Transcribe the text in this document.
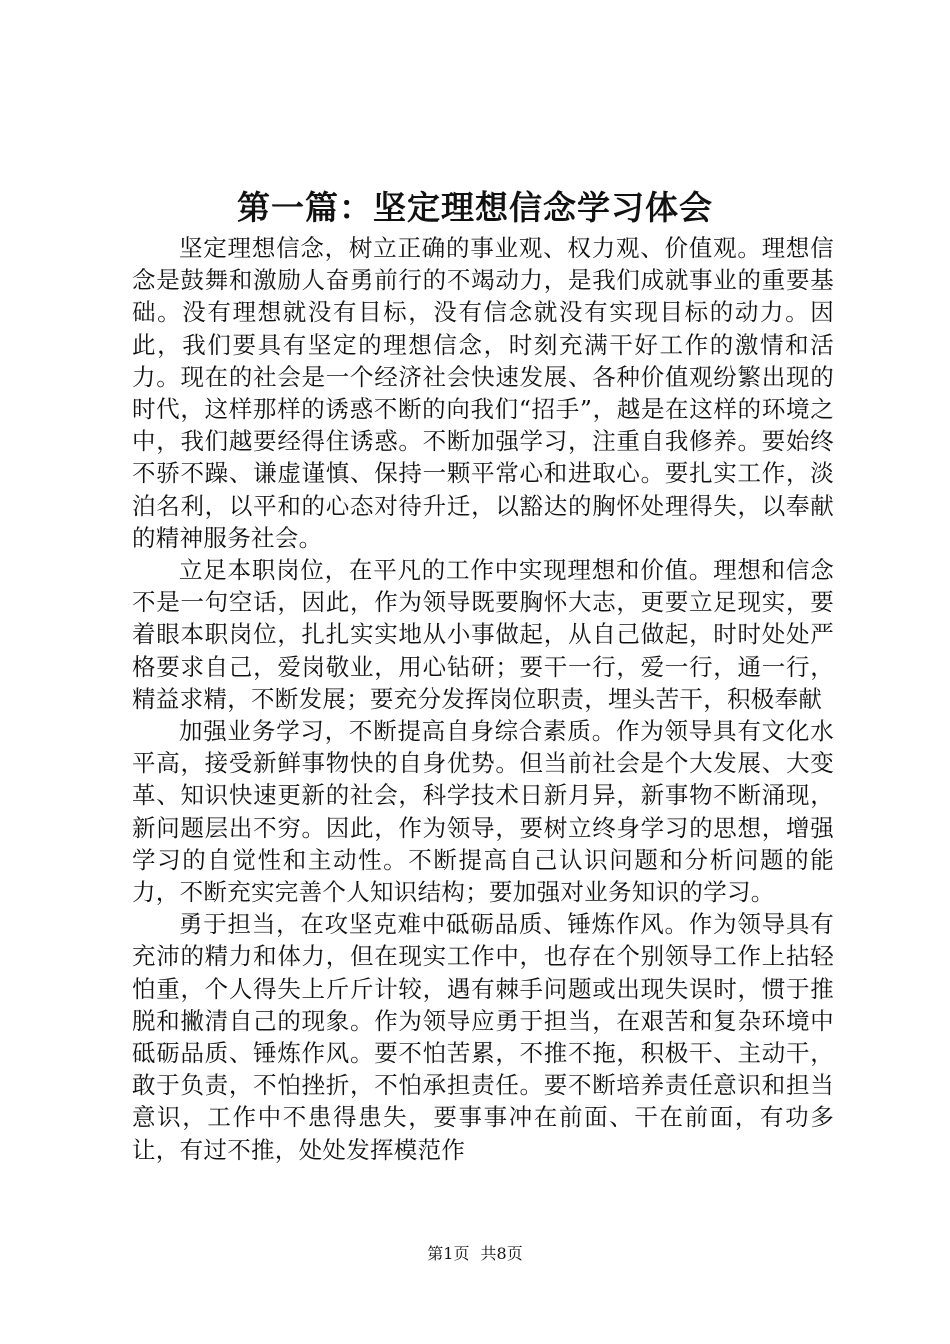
第一篇：坚定理想信念学习体会

坚定理想信念，树立正确的事业观、权力观、价值观。理想信念是鼓舞和激励人奋勇前行的不竭动力，是我们成就事业的重要基础。没有理想就没有目标，没有信念就没有实现目标的动力。因此，我们要具有坚定的理想信念，时刻充满干好工作的激情和活力。现在的社会是一个经济社会快速发展、各种价值观纷繁出现的时代，这样那样的诱惑不断的向我们“招手”，越是在这样的环境之中，我们越要经得住诱惑。不断加强学习，注重自我修养。要始终不骄不躁、谦虚谨慎、保持一颗平常心和进取心。要扎实工作，淡泊名利，以平和的心态对待升迁，以豁达的胸怀处理得失，以奉献的精神服务社会。

立足本职岗位，在平凡的工作中实现理想和价值。理想和信念不是一句空话，因此，作为领导既要胸怀大志，更要立足现实，要着眼本职岗位，扎扎实实地从小事做起，从自己做起，时时处处严格要求自己，爱岗敬业，用心钻研；要干一行，爱一行，通一行，精益求精，不断发展；要充分发挥岗位职责，埋头苦干，积极奉献

加强业务学习，不断提高自身综合素质。作为领导具有文化水平高，接受新鲜事物快的自身优势。但当前社会是个大发展、大变革、知识快速更新的社会，科学技术日新月异，新事物不断涌现，新问题层出不穷。因此，作为领导，要树立终身学习的思想，增强学习的自觉性和主动性。不断提高自己认识问题和分析问题的能力，不断充实完善个人知识结构；要加强对业务知识的学习。

勇于担当，在攻坚克难中砥砺品质、锤炼作风。作为领导具有充沛的精力和体力，但在现实工作中，也存在个别领导工作上拈轻怕重，个人得失上斤斤计较，遇有棘手问题或出现失误时，惯于推脱和撇清自己的现象。作为领导应勇于担当，在艰苦和复杂环境中砥砺品质、锤炼作风。要不怕苦累，不推不拖，积极干、主动干，敢于负责，不怕挫折，不怕承担责任。要不断培养责任意识和担当意识，工作中不患得患失，要事事冲在前面、干在前面，有功多让，有过不推，处处发挥模范作

第1页 共8页
